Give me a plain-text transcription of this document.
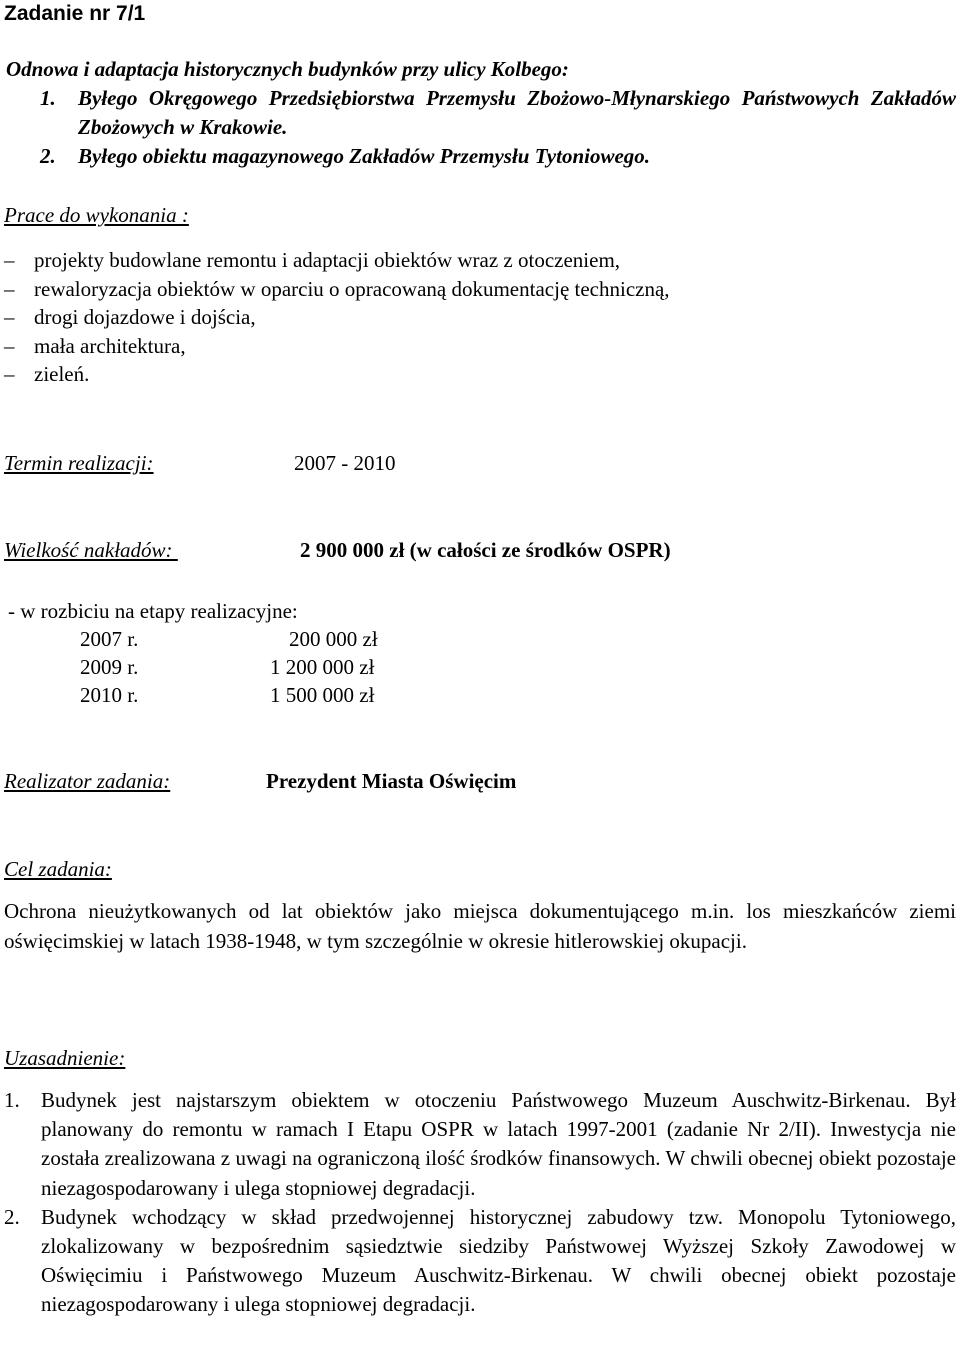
Zadanie nr 7/1
Odnowa i adaptacja historycznych budynków przy ulicy Kolbego:
1. Byłego Okręgowego Przedsiębiorstwa Przemysłu Zbożowo-Młynarskiego Państwowych Zakładów Zbożowych w Krakowie.
2. Byłego obiektu magazynowego Zakładów Przemysłu Tytoniowego.
Prace do wykonania :
– projekty budowlane remontu i adaptacji obiektów wraz z otoczeniem,
– rewaloryzacja obiektów w oparciu o opracowaną dokumentację techniczną,
– drogi dojazdowe i dojścia,
– mała architektura,
– zieleń.
Termin realizacji:	2007 - 2010
Wielkość nakładów:	2 900 000 zł (w całości ze środków OSPR)
- w rozbiciu na etapy realizacyjne:
2007 r.	200 000 zł
2009 r.	1 200 000 zł
2010 r.	1 500 000 zł
Realizator zadania:	Prezydent Miasta Oświęcim
Cel zadania:
Ochrona nieużytkowanych od lat obiektów jako miejsca dokumentującego m.in. los mieszkańców ziemi oświęcimskiej w latach 1938-1948, w tym szczególnie w okresie hitlerowskiej okupacji.
Uzasadnienie:
1. Budynek jest najstarszym obiektem w otoczeniu Państwowego Muzeum Auschwitz-Birkenau. Był planowany do remontu w ramach I Etapu OSPR w latach 1997-2001 (zadanie Nr 2/II). Inwestycja nie została zrealizowana z uwagi na ograniczoną ilość środków finansowych. W chwili obecnej obiekt pozostaje niezagospodarowany i ulega stopniowej degradacji.
2. Budynek wchodzący w skład przedwojennej historycznej zabudowy tzw. Monopolu Tytoniowego, zlokalizowany w bezpośrednim sąsiedztwie siedziby Państwowej Wyższej Szkoły Zawodowej w Oświęcimiu i Państwowego Muzeum Auschwitz-Birkenau. W chwili obecnej obiekt pozostaje niezagospodarowany i ulega stopniowej degradacji.
